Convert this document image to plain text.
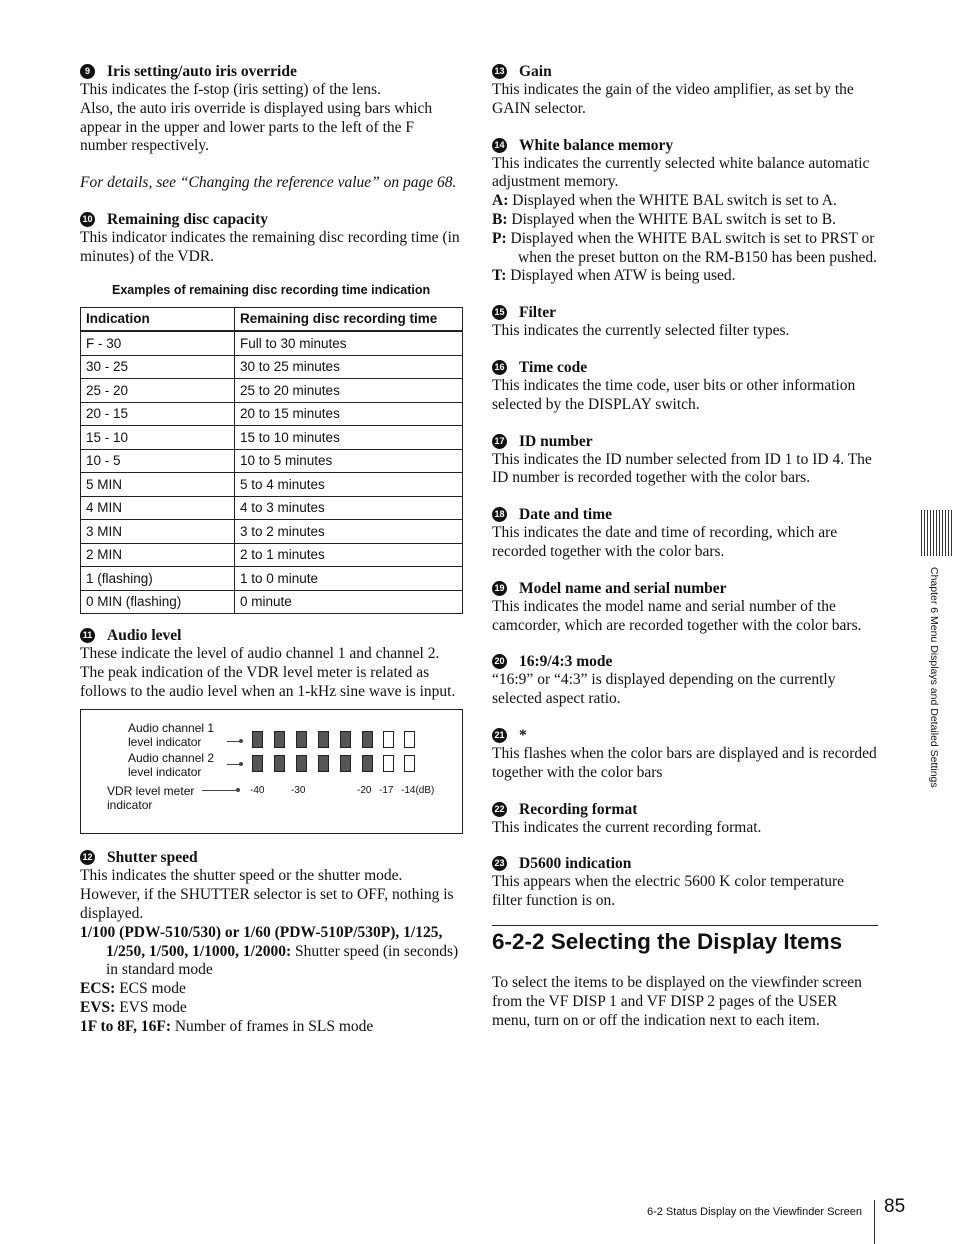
9	Iris setting/auto iris override
This indicates the f-stop (iris setting) of the lens.
Also, the auto iris override is displayed using bars which appear in the upper and lower parts to the left of the F number respectively.
For details, see “Changing the reference value” on page 68.
10 Remaining disc capacity
This indicator indicates the remaining disc recording time (in minutes) of the VDR.
Examples of remaining disc recording time indication
Indication	Remaining disc recording time
F - 30	Full to 30 minutes
30 - 25	30 to 25 minutes
25 - 20	25 to 20 minutes
20 - 15	20 to 15 minutes
15 - 10	15 to 10 minutes
10 - 5	10 to 5 minutes
5 MIN	5 to 4 minutes
4 MIN	4 to 3 minutes
3 MIN	3 to 2 minutes
2 MIN	2 to 1 minutes
1 (flashing)	1 to 0 minute
0 MIN (flashing)	0 minute
11 Audio level
These indicate the level of audio channel 1 and channel 2. The peak indication of the VDR level meter is related as follows to the audio level when an 1-kHz sine wave is input.
Audio channel 1
level indicator
Audio channel 2
level indicator
VDR level meter
indicator
-40	-30	-20 -17 -14(dB)
12 Shutter speed
This indicates the shutter speed or the shutter mode. However, if the SHUTTER selector is set to OFF, nothing is displayed.
1/100 (PDW-510/530) or 1/60 (PDW-510P/530P), 1/125, 1/250, 1/500, 1/1000, 1/2000: Shutter speed (in seconds) in standard mode
ECS: ECS mode
EVS: EVS mode
1F to 8F, 16F: Number of frames in SLS mode
13 Gain
This indicates the gain of the video amplifier, as set by the GAIN selector.
14 White balance memory
This indicates the currently selected white balance automatic adjustment memory.
A: Displayed when the WHITE BAL switch is set to A.
B: Displayed when the WHITE BAL switch is set to B.
P: Displayed when the WHITE BAL switch is set to PRST or when the preset button on the RM-B150 has been pushed.
T: Displayed when ATW is being used.
15 Filter
This indicates the currently selected filter types.
16 Time code
This indicates the time code, user bits or other information selected by the DISPLAY switch.
17 ID number
This indicates the ID number selected from ID 1 to ID 4. The ID number is recorded together with the color bars.
18 Date and time
This indicates the date and time of recording, which are recorded together with the color bars.
19 Model name and serial number
This indicates the model name and serial number of the camcorder, which are recorded together with the color bars.
20 16:9/4:3 mode
“16:9” or “4:3” is displayed depending on the currently selected aspect ratio.
21 *
This flashes when the color bars are displayed and is recorded together with the color bars
22 Recording format
This indicates the current recording format.
23 D5600 indication
This appears when the electric 5600 K color temperature filter function is on.
6-2-2 Selecting the Display Items
To select the items to be displayed on the viewfinder screen from the VF DISP 1 and VF DISP 2 pages of the USER menu, turn on or off the indication next to each item.
Chapter 6 Menu Displays and Detailed Settings
6-2 Status Display on the Viewfinder Screen 85
